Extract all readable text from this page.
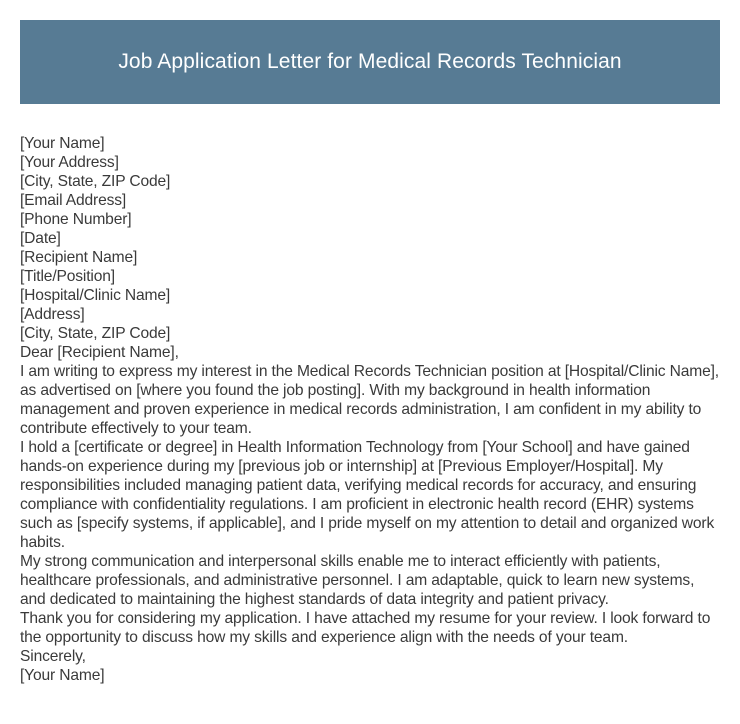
Job Application Letter for Medical Records Technician
[Your Name]
[Your Address]
[City, State, ZIP Code]
[Email Address]
[Phone Number]
[Date]
[Recipient Name]
[Title/Position]
[Hospital/Clinic Name]
[Address]
[City, State, ZIP Code]
Dear [Recipient Name],

I am writing to express my interest in the Medical Records Technician position at [Hospital/Clinic Name], as advertised on [where you found the job posting]. With my background in health information management and proven experience in medical records administration, I am confident in my ability to contribute effectively to your team.

I hold a [certificate or degree] in Health Information Technology from [Your School] and have gained hands-on experience during my [previous job or internship] at [Previous Employer/Hospital]. My responsibilities included managing patient data, verifying medical records for accuracy, and ensuring compliance with confidentiality regulations. I am proficient in electronic health record (EHR) systems such as [specify systems, if applicable], and I pride myself on my attention to detail and organized work habits.

My strong communication and interpersonal skills enable me to interact efficiently with patients, healthcare professionals, and administrative personnel. I am adaptable, quick to learn new systems, and dedicated to maintaining the highest standards of data integrity and patient privacy.

Thank you for considering my application. I have attached my resume for your review. I look forward to the opportunity to discuss how my skills and experience align with the needs of your team.

Sincerely,
[Your Name]
